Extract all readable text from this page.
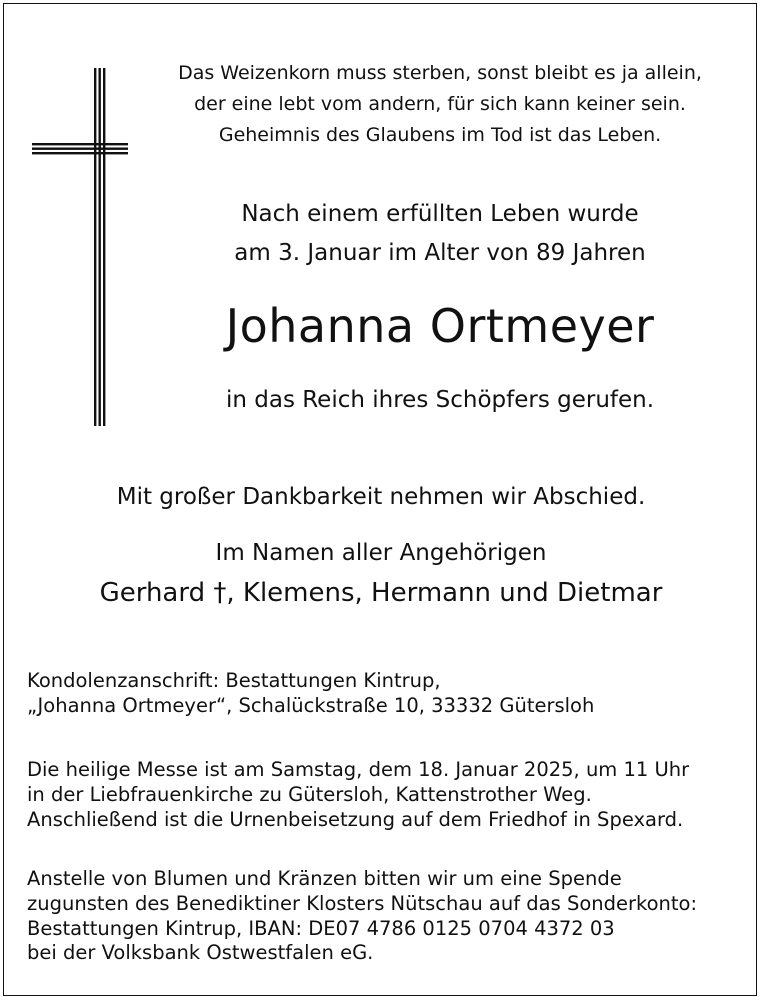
Das Weizenkorn muss sterben, sonst bleibt es ja allein,
der eine lebt vom andern, für sich kann keiner sein.
Geheimnis des Glaubens im Tod ist das Leben.
Nach einem erfüllten Leben wurde
am 3. Januar im Alter von 89 Jahren
Johanna Ortmeyer
in das Reich ihres Schöpfers gerufen.
Mit großer Dankbarkeit nehmen wir Abschied.
Im Namen aller Angehörigen
Gerhard †, Klemens, Hermann und Dietmar
Kondolenzanschrift: Bestattungen Kintrup,
„Johanna Ortmeyer“, Schalückstraße 10, 33332 Gütersloh
Die heilige Messe ist am Samstag, dem 18. Januar 2025, um 11 Uhr
in der Liebfrauenkirche zu Gütersloh, Kattenstrother Weg.
Anschließend ist die Urnenbeisetzung auf dem Friedhof in Spexard.
Anstelle von Blumen und Kränzen bitten wir um eine Spende
zugunsten des Benediktiner Klosters Nütschau auf das Sonderkonto:
Bestattungen Kintrup, IBAN: DE07 4786 0125 0704 4372 03
bei der Volksbank Ostwestfalen eG.
